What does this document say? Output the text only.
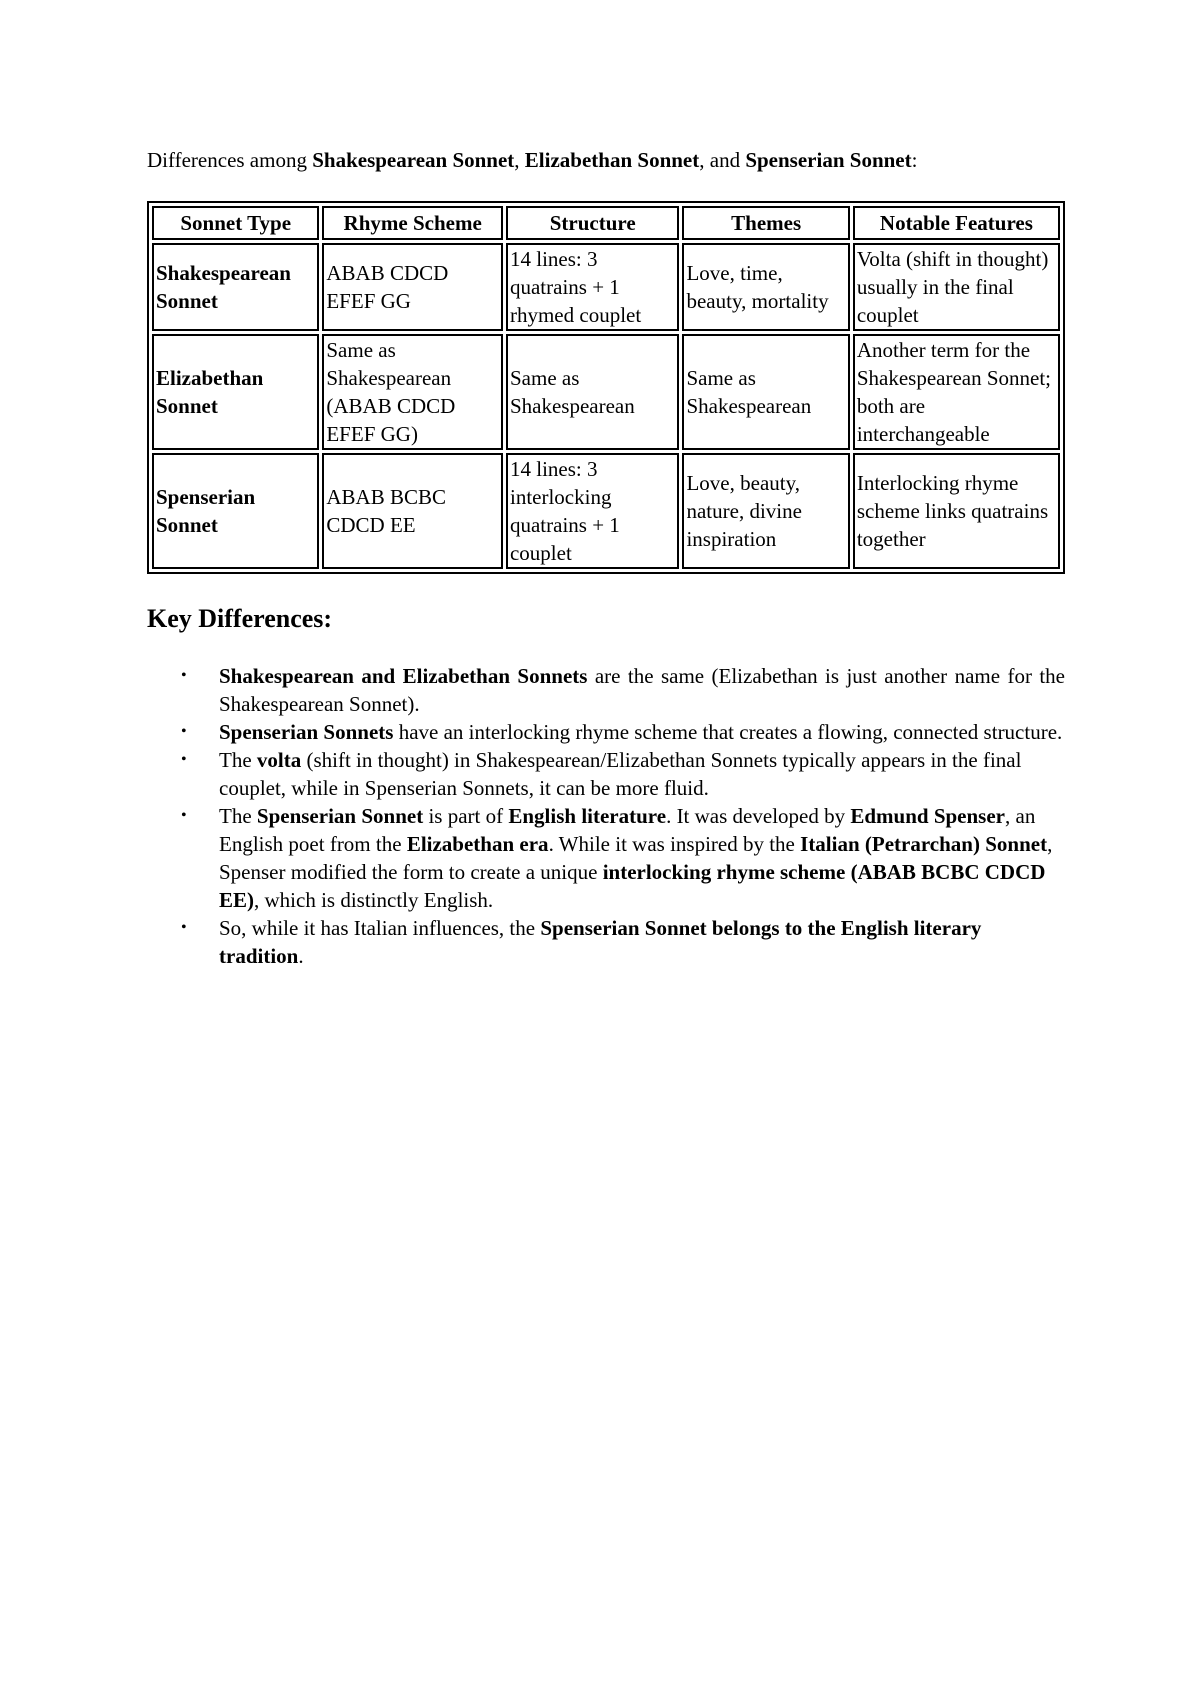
Differences among Shakespearean Sonnet, Elizabethan Sonnet, and Spenserian Sonnet:

Sonnet Type	Rhyme Scheme	Structure	Themes	Notable Features
Shakespearean Sonnet	ABAB CDCD EFEF GG	14 lines: 3 quatrains + 1 rhymed couplet	Love, time, beauty, mortality	Volta (shift in thought) usually in the final couplet
Elizabethan Sonnet	Same as Shakespearean (ABAB CDCD EFEF GG)	Same as Shakespearean	Same as Shakespearean	Another term for the Shakespearean Sonnet; both are interchangeable
Spenserian Sonnet	ABAB BCBC CDCD EE	14 lines: 3 interlocking quatrains + 1 couplet	Love, beauty, nature, divine inspiration	Interlocking rhyme scheme links quatrains together
Key Differences:
• Shakespearean and Elizabethan Sonnets are the same (Elizabethan is just another name for the Shakespearean Sonnet).
• Spenserian Sonnets have an interlocking rhyme scheme that creates a flowing, connected structure.
• The volta (shift in thought) in Shakespearean/Elizabethan Sonnets typically appears in the final couplet, while in Spenserian Sonnets, it can be more fluid.
• The Spenserian Sonnet is part of English literature. It was developed by Edmund Spenser, an English poet from the Elizabethan era. While it was inspired by the Italian (Petrarchan) Sonnet, Spenser modified the form to create a unique interlocking rhyme scheme (ABAB BCBC CDCD EE), which is distinctly English.
• So, while it has Italian influences, the Spenserian Sonnet belongs to the English literary tradition.
